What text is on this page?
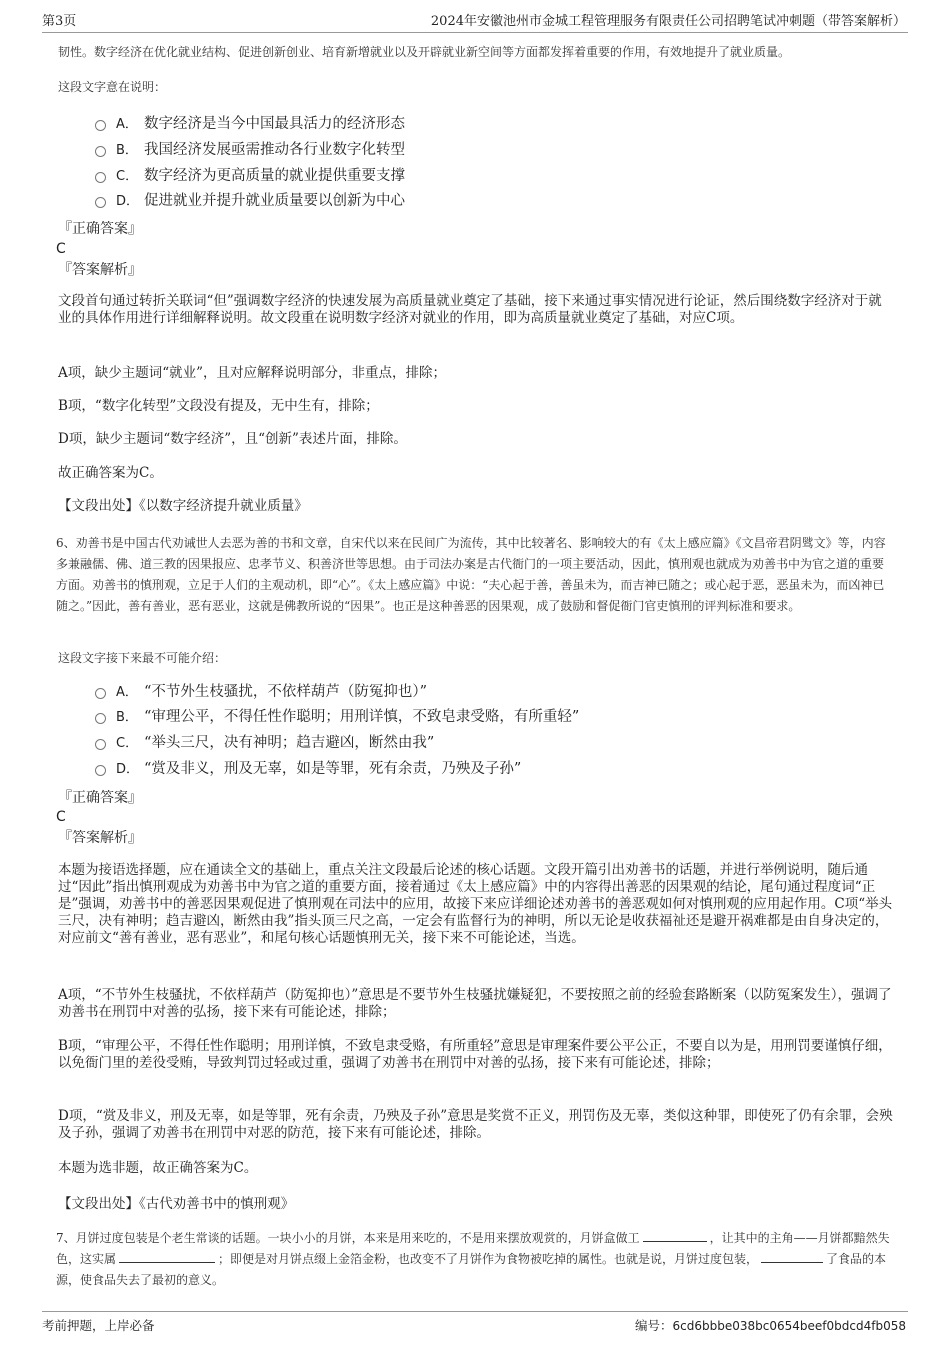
第3页	2024年安徽池州市金城工程管理服务有限责任公司招聘笔试冲刺题（带答案解析）
韧性。数字经济在优化就业结构、促进创新创业、培育新增就业以及开辟就业新空间等方面都发挥着重要的作用，有效地提升了就业质量。
这段文字意在说明：
A． 数字经济是当今中国最具活力的经济形态
B． 我国经济发展亟需推动各行业数字化转型
C． 数字经济为更高质量的就业提供重要支撑
D． 促进就业并提升就业质量要以创新为中心
『正确答案』
C
『答案解析』
文段首句通过转折关联词“但”强调数字经济的快速发展为高质量就业奠定了基础，接下来通过事实情况进行论证，然后围绕数字经济对于就业的具体作用进行详细解释说明。故文段重在说明数字经济对就业的作用，即为高质量就业奠定了基础，对应C项。
A项，缺少主题词“就业”，且对应解释说明部分，非重点，排除；
B项，“数字化转型”文段没有提及，无中生有，排除；
D项，缺少主题词“数字经济”，且“创新”表述片面，排除。
故正确答案为C。
【文段出处】《以数字经济提升就业质量》
6、劝善书是中国古代劝诫世人去恶为善的书和文章，自宋代以来在民间广为流传，其中比较著名、影响较大的有《太上感应篇》《文昌帝君阴骘文》等，内容多兼融儒、佛、道三教的因果报应、忠孝节义、积善济世等思想。由于司法办案是古代衙门的一项主要活动，因此，慎刑观也就成为劝善书中为官之道的重要方面。劝善书的慎刑观，立足于人们的主观动机，即“心”。《太上感应篇》中说：“夫心起于善，善虽未为，而吉神已随之；或心起于恶，恶虽未为，而凶神已随之。”因此，善有善业，恶有恶业，这就是佛教所说的“因果”。也正是这种善恶的因果观，成了鼓励和督促衙门官吏慎刑的评判标准和要求。
这段文字接下来最不可能介绍：
A． “不节外生枝骚扰，不依样葫芦（防冤抑也）”
B． “审理公平，不得任性作聪明；用刑详慎，不致皂隶受赂，有所重轻”
C． “举头三尺，决有神明；趋吉避凶，断然由我”
D． “赏及非义，刑及无辜，如是等罪，死有余责，乃殃及子孙”
『正确答案』
C
『答案解析』
本题为接语选择题，应在通读全文的基础上，重点关注文段最后论述的核心话题。文段开篇引出劝善书的话题，并进行举例说明，随后通过“因此”指出慎刑观成为劝善书中为官之道的重要方面，接着通过《太上感应篇》中的内容得出善恶的因果观的结论，尾句通过程度词“正是”强调，劝善书中的善恶因果观促进了慎刑观在司法中的应用，故接下来应详细论述劝善书的善恶观如何对慎刑观的应用起作用。C项“举头三尺，决有神明；趋吉避凶，断然由我”指头顶三尺之高，一定会有监督行为的神明，所以无论是收获福祉还是避开祸难都是由自身决定的，对应前文“善有善业，恶有恶业”，和尾句核心话题慎刑无关，接下来不可能论述，当选。
A项，“不节外生枝骚扰，不依样葫芦（防冤抑也）”意思是不要节外生枝骚扰嫌疑犯，不要按照之前的经验套路断案（以防冤案发生），强调了劝善书在刑罚中对善的弘扬，接下来有可能论述，排除；
B项，“审理公平，不得任性作聪明；用刑详慎，不致皂隶受赂，有所重轻”意思是审理案件要公平公正，不要自以为是，用刑罚要谨慎仔细，以免衙门里的差役受贿，导致判罚过轻或过重，强调了劝善书在刑罚中对善的弘扬，接下来有可能论述，排除；
D项，“赏及非义，刑及无辜，如是等罪，死有余责，乃殃及子孙”意思是奖赏不正义，刑罚伤及无辜，类似这种罪，即使死了仍有余罪，会殃及子孙，强调了劝善书在刑罚中对恶的防范，接下来有可能论述，排除。
本题为选非题，故正确答案为C。
【文段出处】《古代劝善书中的慎刑观》
7、月饼过度包装是个老生常谈的话题。一块小小的月饼，本来是用来吃的，不是用来摆放观赏的，月饼盒做工	，让其中的主角——月饼都黯然失色，这实属	；即便是对月饼点缀上金箔金粉，也改变不了月饼作为食物被吃掉的属性。也就是说，月饼过度包装，	了食品的本源，使食品失去了最初的意义。
考前押题，上岸必备	编号：6cd6bbbe038bc0654beef0bdcd4fb058
